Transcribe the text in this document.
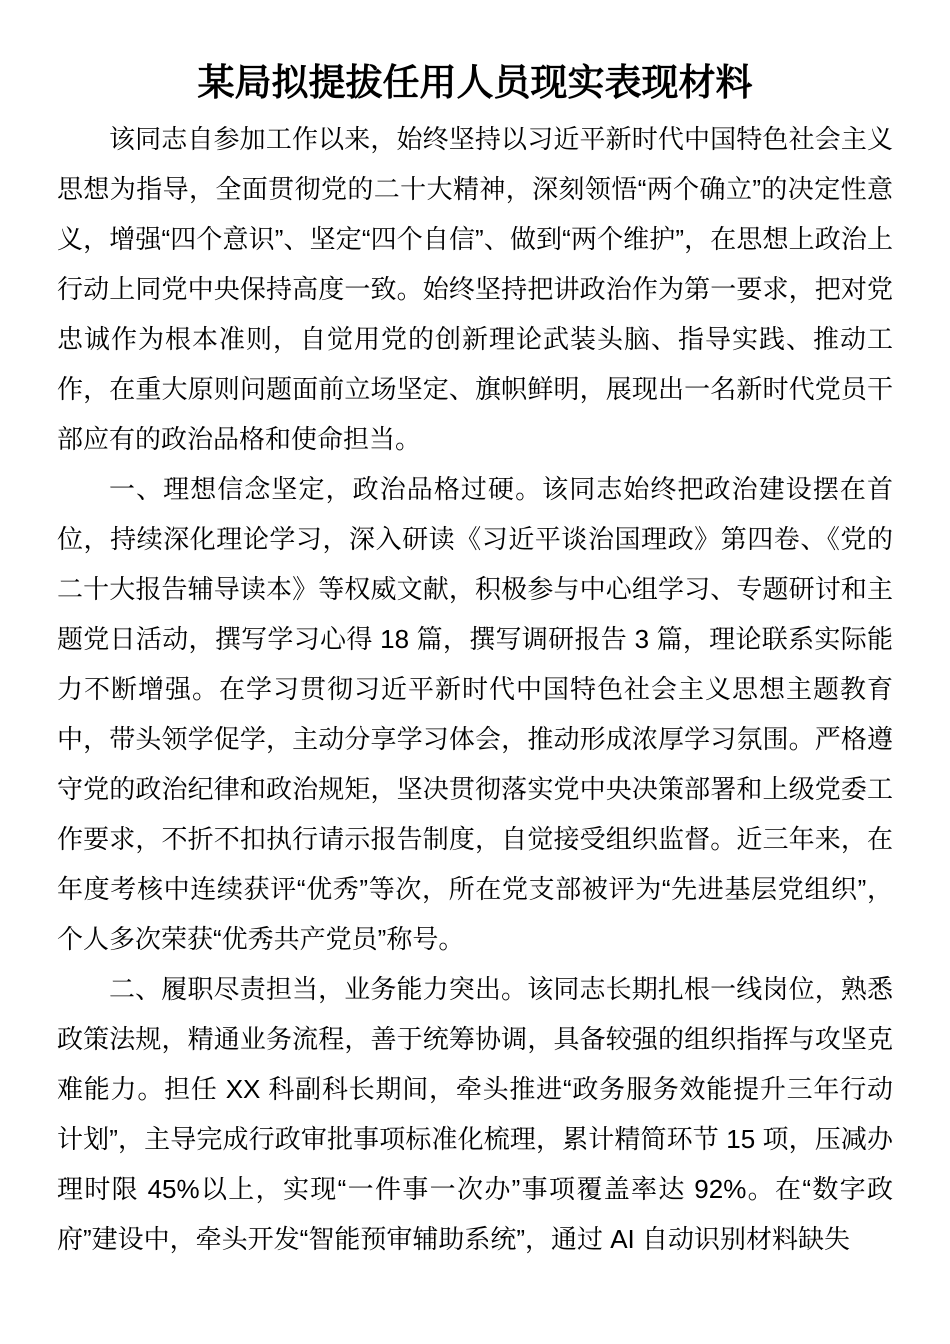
某局拟提拔任用人员现实表现材料

该同志自参加工作以来，始终坚持以习近平新时代中国特色社会主义思想为指导，全面贯彻党的二十大精神，深刻领悟“两个确立”的决定性意义，增强“四个意识”、坚定“四个自信”、做到“两个维护”，在思想上政治上行动上同党中央保持高度一致。始终坚持把讲政治作为第一要求，把对党忠诚作为根本准则，自觉用党的创新理论武装头脑、指导实践、推动工作，在重大原则问题面前立场坚定、旗帜鲜明，展现出一名新时代党员干部应有的政治品格和使命担当。

一、理想信念坚定，政治品格过硬。该同志始终把政治建设摆在首位，持续深化理论学习，深入研读《习近平谈治国理政》第四卷、《党的二十大报告辅导读本》等权威文献，积极参与中心组学习、专题研讨和主题党日活动，撰写学习心得 18 篇，撰写调研报告 3 篇，理论联系实际能力不断增强。在学习贯彻习近平新时代中国特色社会主义思想主题教育中，带头领学促学，主动分享学习体会，推动形成浓厚学习氛围。严格遵守党的政治纪律和政治规矩，坚决贯彻落实党中央决策部署和上级党委工作要求，不折不扣执行请示报告制度，自觉接受组织监督。近三年来，在年度考核中连续获评“优秀”等次，所在党支部被评为“先进基层党组织”，个人多次荣获“优秀共产党员”称号。

二、履职尽责担当，业务能力突出。该同志长期扎根一线岗位，熟悉政策法规，精通业务流程，善于统筹协调，具备较强的组织指挥与攻坚克难能力。担任 XX 科副科长期间，牵头推进“政务服务效能提升三年行动计划”，主导完成行政审批事项标准化梳理，累计精简环节 15 项，压减办理时限 45%以上，实现“一件事一次办”事项覆盖率达 92%。在“数字政府”建设中，牵头开发“智能预审辅助系统”，通过 AI 自动识别材料缺失
